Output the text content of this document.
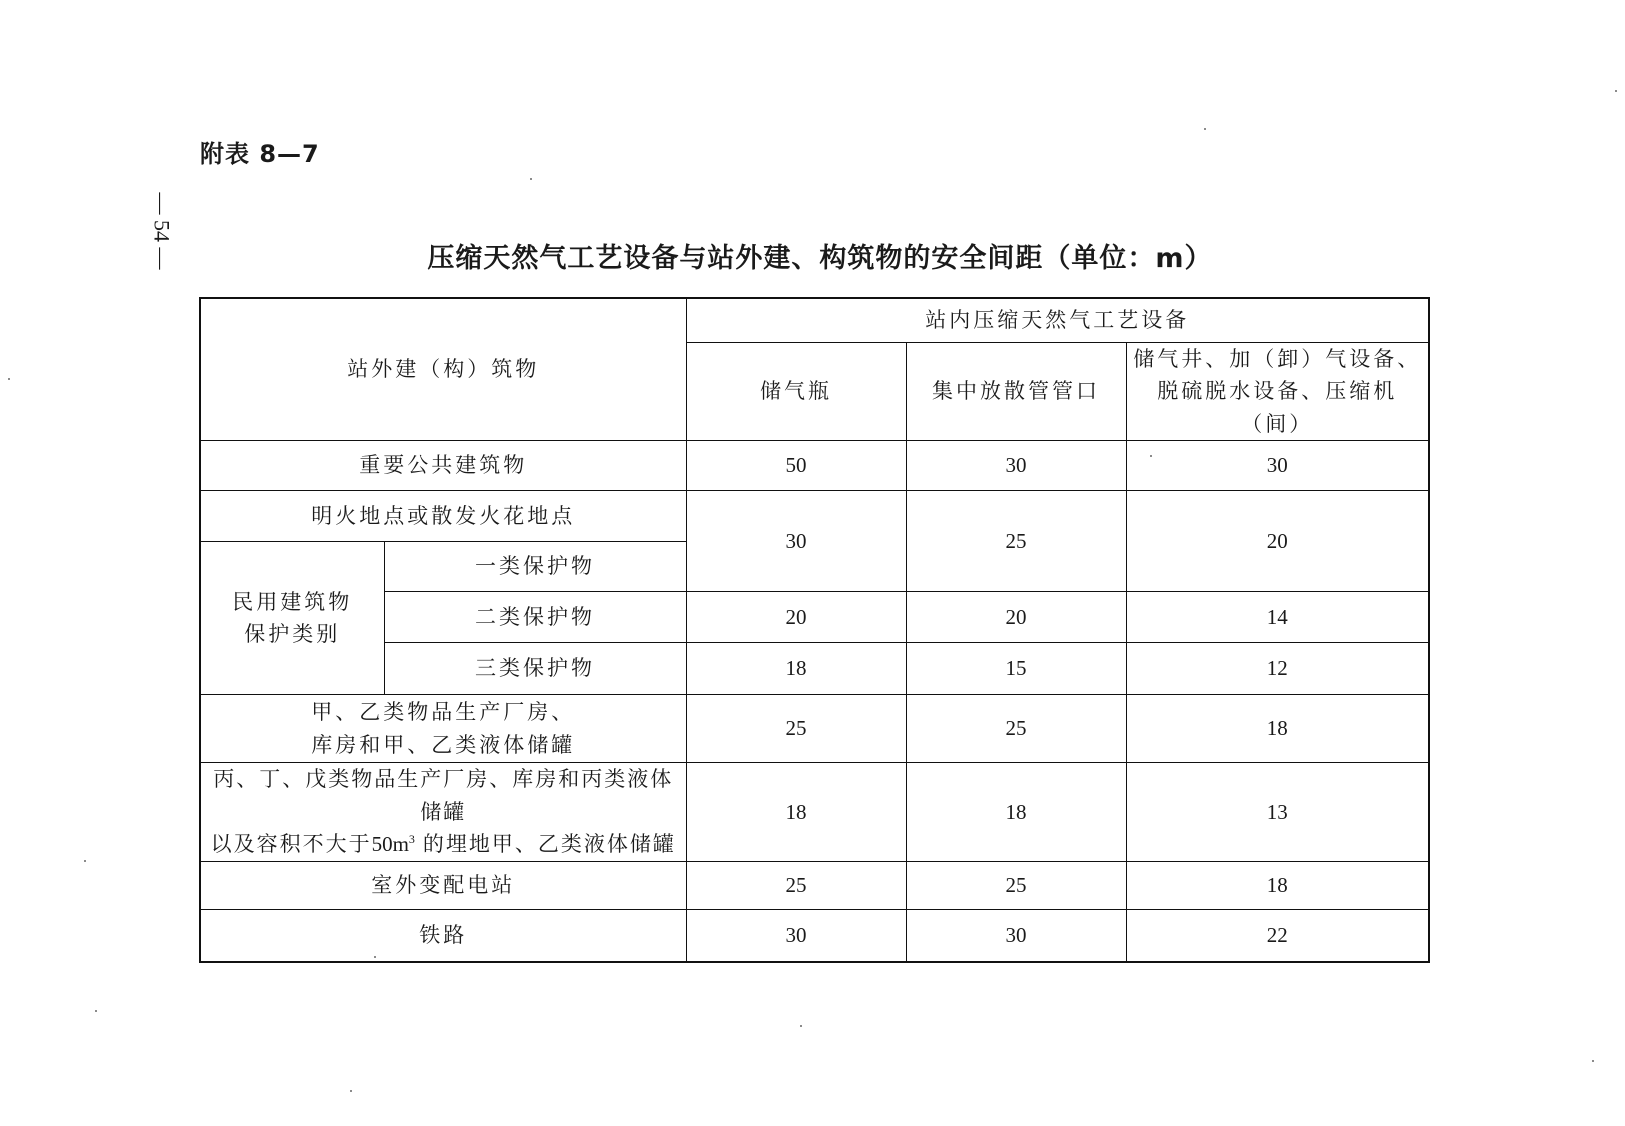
附表 8—7
— 54 —	压缩天然气工艺设备与站外建、构筑物的安全间距（单位：m）
站外建（构）筑物		站内压缩天然气工艺设备		
		储气瓶	集中放散管管口	储气井、加（卸）气设备、
脱硫脱水设备、压缩机（间）

重要公共建筑物		50	30	30
明火地点或散发火花地点		30	25	20

民用建筑物
保护类别	一类保护物			
	二类保护物	20	20	14
	三类保护物	18	15	12

甲、乙类物品生产厂房、
库房和甲、乙类液体储罐		25	25	18

丙、丁、戊类物品生产厂房、库房和丙类液体储罐
以及容积不大于$50m^3$ 的埋地甲、乙类液体储罐		18	18	13
室外变配电站		25	25	18
铁路		30	30	22
